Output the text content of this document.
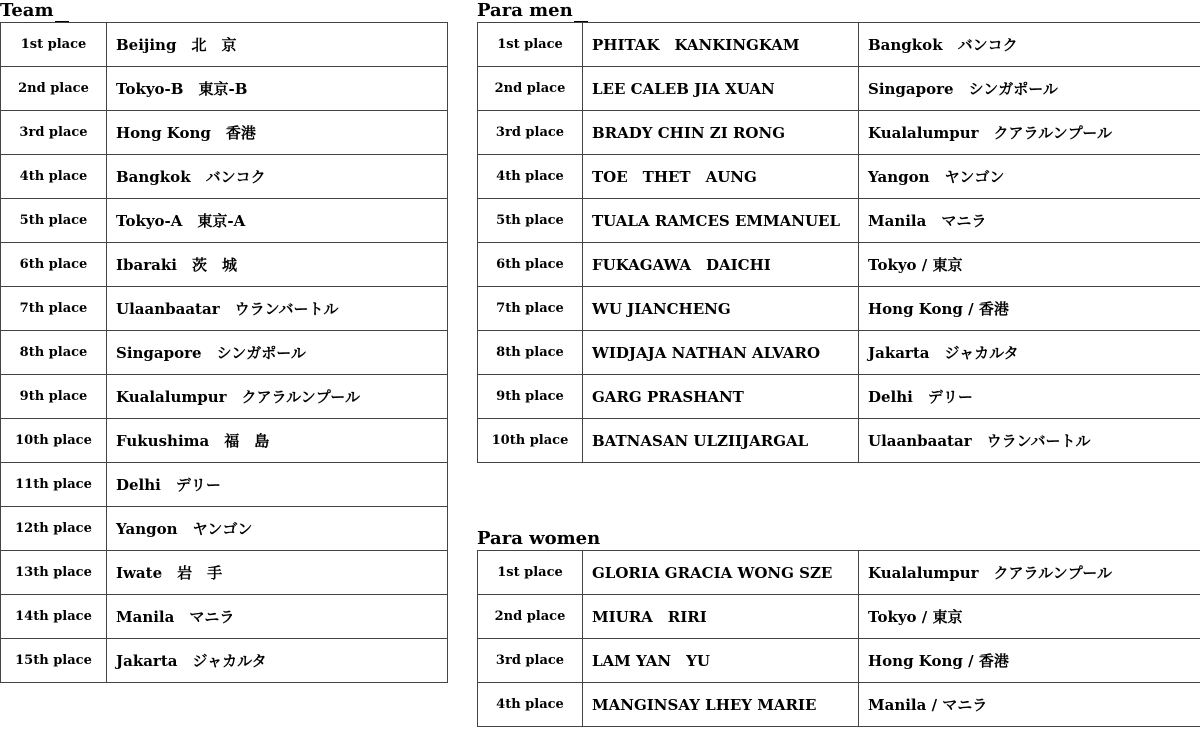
Team
1st place	Beijing　北　京
2nd place	Tokyo-B　東京-B
3rd place	Hong Kong　香港
4th place	Bangkok　バンコク
5th place	Tokyo-A　東京-A
6th place	Ibaraki　茨　城
7th place	Ulaanbaatar　ウランバートル
8th place	Singapore　シンガポール
9th place	Kualalumpur　クアラルンプール
10th place	Fukushima　福　島
11th place	Delhi　デリー
12th place	Yangon　ヤンゴン
13th place	Iwate　岩　手
14th place	Manila　マニラ
15th place	Jakarta　ジャカルタ
Para men
1st place	PHITAK　KANKINGKAM	Bangkok　バンコク
2nd place	LEE CALEB JIA XUAN	Singapore　シンガポール
3rd place	BRADY CHIN ZI RONG	Kualalumpur　クアラルンプール
4th place	TOE　THET　AUNG	Yangon　ヤンゴン
5th place	TUALA RAMCES EMMANUEL	Manila　マニラ
6th place	FUKAGAWA　DAICHI	Tokyo / 東京
7th place	WU JIANCHENG	Hong Kong / 香港
8th place	WIDJAJA NATHAN ALVARO	Jakarta　ジャカルタ
9th place	GARG PRASHANT	Delhi　デリー
10th place	BATNASAN ULZIIJARGAL	Ulaanbaatar　ウランバートル
Para women
1st place	GLORIA GRACIA WONG SZE	Kualalumpur　クアラルンプール
2nd place	MIURA　RIRI	Tokyo / 東京
3rd place	LAM YAN　YU	Hong Kong / 香港
4th place	MANGINSAY LHEY MARIE	Manila / マニラ
